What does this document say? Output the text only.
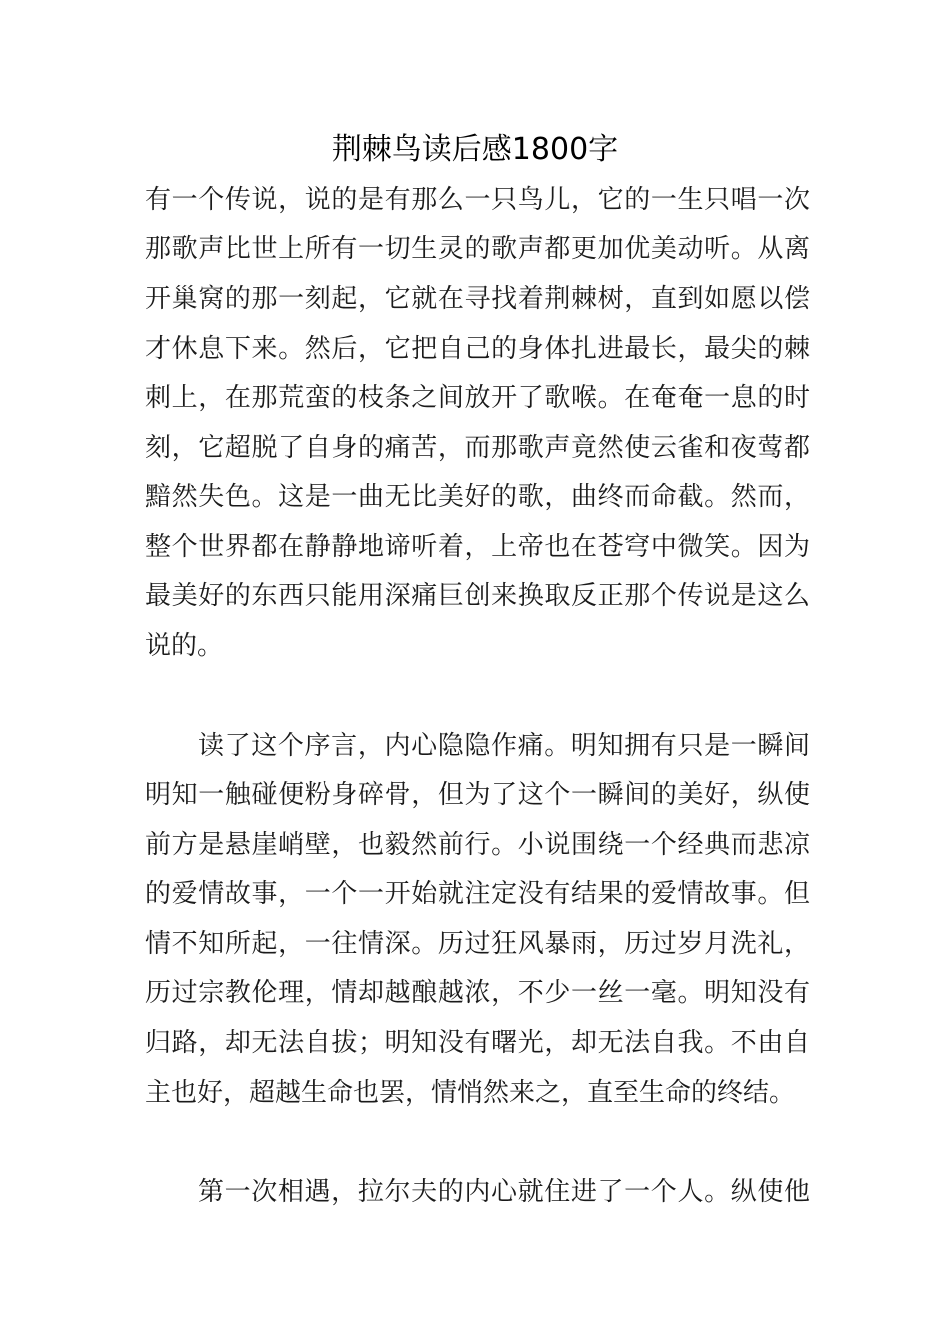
荆棘鸟读后感1800字
有一个传说，说的是有那么一只鸟儿，它的一生只唱一次
那歌声比世上所有一切生灵的歌声都更加优美动听。从离
开巢窝的那一刻起，它就在寻找着荆棘树，直到如愿以偿
才休息下来。然后，它把自己的身体扎进最长，最尖的棘
刺上，在那荒蛮的枝条之间放开了歌喉。在奄奄一息的时
刻，它超脱了自身的痛苦，而那歌声竟然使云雀和夜莺都
黯然失色。这是一曲无比美好的歌，曲终而命截。然而，
整个世界都在静静地谛听着，上帝也在苍穹中微笑。因为
最美好的东西只能用深痛巨创来换取反正那个传说是这么
说的。
读了这个序言，内心隐隐作痛。明知拥有只是一瞬间
明知一触碰便粉身碎骨，但为了这个一瞬间的美好，纵使
前方是悬崖峭壁，也毅然前行。小说围绕一个经典而悲凉
的爱情故事，一个一开始就注定没有结果的爱情故事。但
情不知所起，一往情深。历过狂风暴雨，历过岁月洗礼，
历过宗教伦理，情却越酿越浓，不少一丝一毫。明知没有
归路，却无法自拔；明知没有曙光，却无法自我。不由自
主也好，超越生命也罢，情悄然来之，直至生命的终结。
第一次相遇，拉尔夫的内心就住进了一个人。纵使他
